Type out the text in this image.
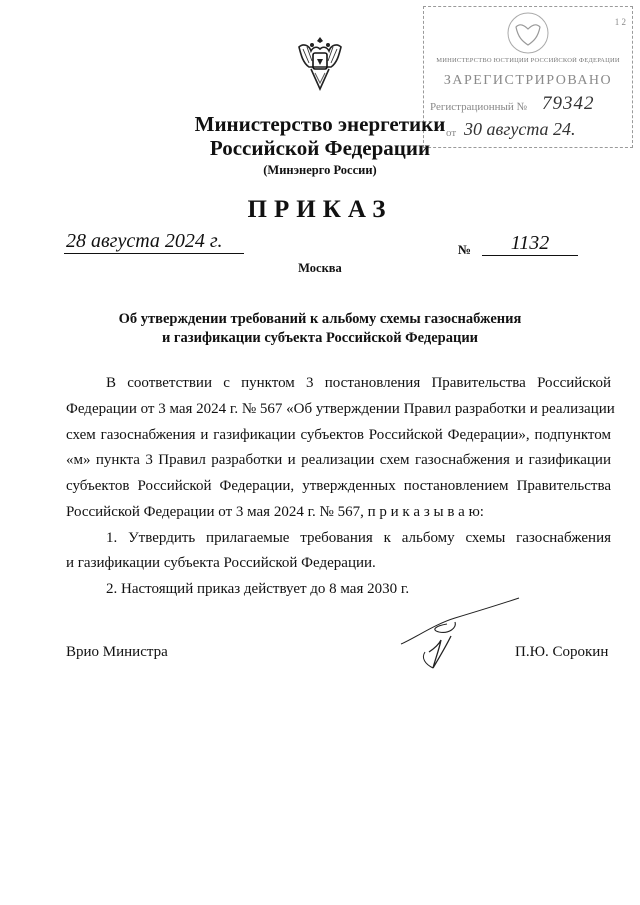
1 2
МИНИСТЕРСТВО ЮСТИЦИИ РОССИЙСКОЙ ФЕДЕРАЦИИ
ЗАРЕГИСТРИРОВАНО
Регистрационный № 79342
от 30 августа 24.
Министерство энергетики
Российской Федерации
(Минэнерго России)
ПРИКАЗ
28 августа 2024 г.	№	1132
Москва
Об утверждении требований к альбому схемы газоснабжения
и газификации субъекта Российской Федерации
В соответствии с пунктом 3 постановления Правительства Российской
Федерации от 3 мая 2024 г. № 567 «Об утверждении Правил разработки и реализации
схем газоснабжения и газификации субъектов Российской Федерации», подпунктом
«м» пункта 3 Правил разработки и реализации схем газоснабжения и газификации
субъектов Российской Федерации, утвержденных постановлением Правительства
Российской Федерации от 3 мая 2024 г. № 567, п р и к а з ы в а ю:
1. Утвердить прилагаемые требования к альбому схемы газоснабжения
и газификации субъекта Российской Федерации.
2. Настоящий приказ действует до 8 мая 2030 г.
Врио Министра	П.Ю. Сорокин
